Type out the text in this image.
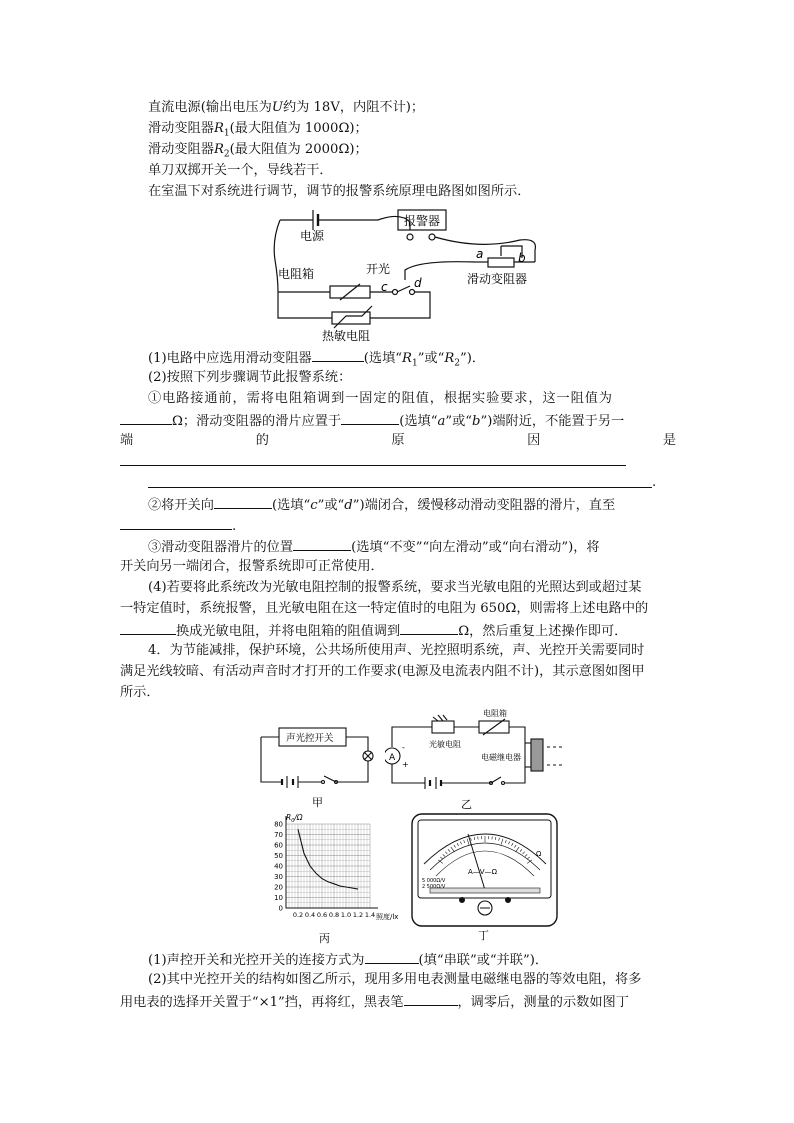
直流电源(输出电压为U约为 18V，内阻不计)；
滑动变阻器$R_1$(最大阻值为 1000Ω)；
滑动变阻器$R_2$(最大阻值为 2000Ω)；
单刀双掷开关一个，导线若干．
在室温下对系统进行调节，调节的报警系统原理电路图如图所示．
电源
报警器
电阻箱	开光
c d
a	b
滑动变阻器
热敏电阻
(1)电路中应选用滑动变阻器	(选填“$R_1$”或“$R_2$”)．
(2)按照下列步骤调节此报警系统：
①电路接通前，需将电阻箱调到一固定的阻值，根据实验要求，这一阻值为
Ω；滑动变阻器的滑片应置于	(选填“a”或“b”)端附近，不能置于另一
端	的	原	因	是
.
②将开关向	(选填“c”或“d”)端闭合，缓慢移动滑动变阻器的滑片，直至
.
③滑动变阻器滑片的位置	(选填“不变”“向左滑动”或“向右滑动”)，将
开关向另一端闭合，报警系统即可正常使用．
(4)若要将此系统改为光敏电阻控制的报警系统，要求当光敏电阻的光照达到或超过某
一特定值时，系统报警，且光敏电阻在这一特定值时的电阻为 650Ω，则需将上述电路中的
换成光敏电阻，并将电阻箱的阻值调到	Ω，然后重复上述操作即可．
4．为节能减排，保护环境，公共场所使用声、光控照明系统，声、光控开关需要同时
满足光线较暗、有活动声音时才打开的工作要求(电源及电流表内阻不计)，其示意图如图甲
所示．
声光控开关
甲
A
-
+
光敏电阻
电阻箱
电磁继电器
乙
0
10
20
30
40
50
60
70
80
0.2 0.4 0.6 0.8 1.0 1.2 1.4
$R_0/\Omega$
照度/lx
丙
A—V—Ω
Ω
5 000Ω/V
2 500Ω/V
丁
(1)声控开关和光控开关的连接方式为	(填“串联”或“并联”)．
(2)其中光控开关的结构如图乙所示，现用多用电表测量电磁继电器的等效电阻，将多
用电表的选择开关置于“×1”挡，再将红，黑表笔	，调零后，测量的示数如图丁
